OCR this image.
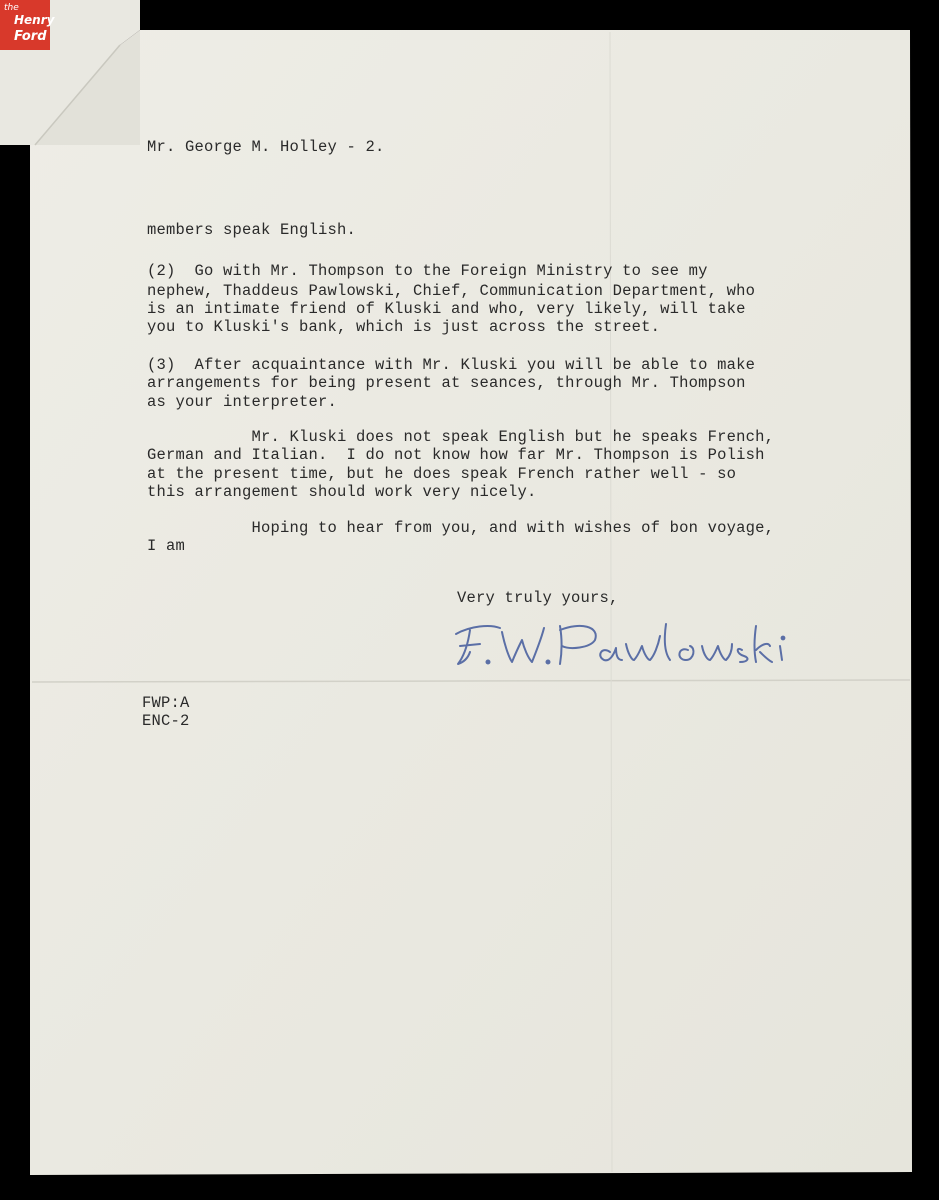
the
Henry
Ford
Mr. George M. Holley - 2.
members speak English.
(2)  Go with Mr. Thompson to the Foreign Ministry to see my
nephew, Thaddeus Pawlowski, Chief, Communication Department, who
is an intimate friend of Kluski and who, very likely, will take
you to Kluski's bank, which is just across the street.
(3)  After acquaintance with Mr. Kluski you will be able to make
arrangements for being present at seances, through Mr. Thompson
as your interpreter.
Mr. Kluski does not speak English but he speaks French,
German and Italian.  I do not know how far Mr. Thompson is Polish
at the present time, but he does speak French rather well - so
this arrangement should work very nicely.
Hoping to hear from you, and with wishes of bon voyage,
I am
Very truly yours,
FWP:A
ENC-2
